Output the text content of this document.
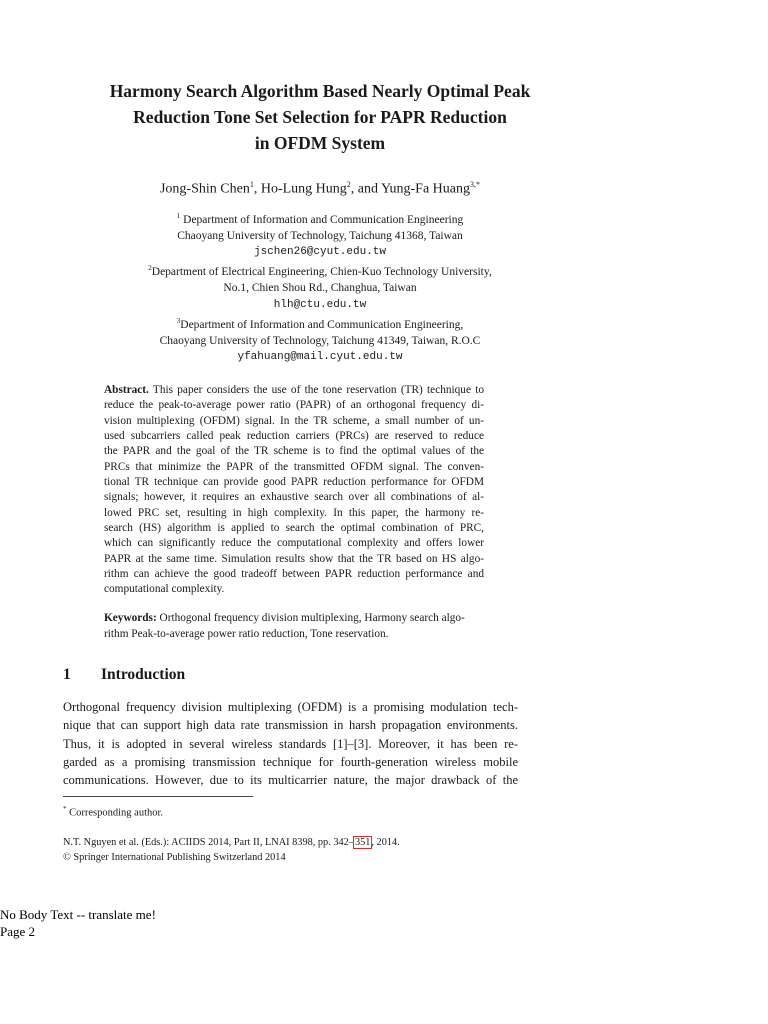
Harmony Search Algorithm Based Nearly Optimal Peak
Reduction Tone Set Selection for PAPR Reduction
in OFDM System
Jong-Shin Chen$^1$, Ho-Lung Hung$^2$, and Yung-Fa Huang$^{3,*}$
$^1$ Department of Information and Communication Engineering
Chaoyang University of Technology, Taichung 41368, Taiwan
jschen26@cyut.edu.tw
$^2$Department of Electrical Engineering, Chien-Kuo Technology University,
No.1, Chien Shou Rd., Changhua, Taiwan
hlh@ctu.edu.tw
$^3$Department of Information and Communication Engineering,
Chaoyang University of Technology, Taichung 41349, Taiwan, R.O.C
yfahuang@mail.cyut.edu.tw
Abstract. This paper considers the use of the tone reservation (TR) technique to
reduce the peak-to-average power ratio (PAPR) of an orthogonal frequency di-
vision multiplexing (OFDM) signal. In the TR scheme, a small number of un-
used subcarriers called peak reduction carriers (PRCs) are reserved to reduce
the PAPR and the goal of the TR scheme is to find the optimal values of the
PRCs that minimize the PAPR of the transmitted OFDM signal. The conven-
tional TR technique can provide good PAPR reduction performance for OFDM
signals; however, it requires an exhaustive search over all combinations of al-
lowed PRC set, resulting in high complexity. In this paper, the harmony re-
search (HS) algorithm is applied to search the optimal combination of PRC,
which can significantly reduce the computational complexity and offers lower
PAPR at the same time. Simulation results show that the TR based on HS algo-
rithm can achieve the good tradeoff between PAPR reduction performance and
computational complexity.
Keywords: Orthogonal frequency division multiplexing, Harmony search algo-
rithm Peak-to-average power ratio reduction, Tone reservation.
1 Introduction
Orthogonal frequency division multiplexing (OFDM) is a promising modulation tech-
nique that can support high data rate transmission in harsh propagation environments.
Thus, it is adopted in several wireless standards [1]–[3]. Moreover, it has been re-
garded as a promising transmission technique for fourth-generation wireless mobile
communications. However, due to its multicarrier nature, the major drawback of the
* Corresponding author.
N.T. Nguyen et al. (Eds.): ACIIDS 2014, Part II, LNAI 8398, pp. 342–351, 2014.
© Springer International Publishing Switzerland 2014
No Body Text -- translate me!
Page 2
